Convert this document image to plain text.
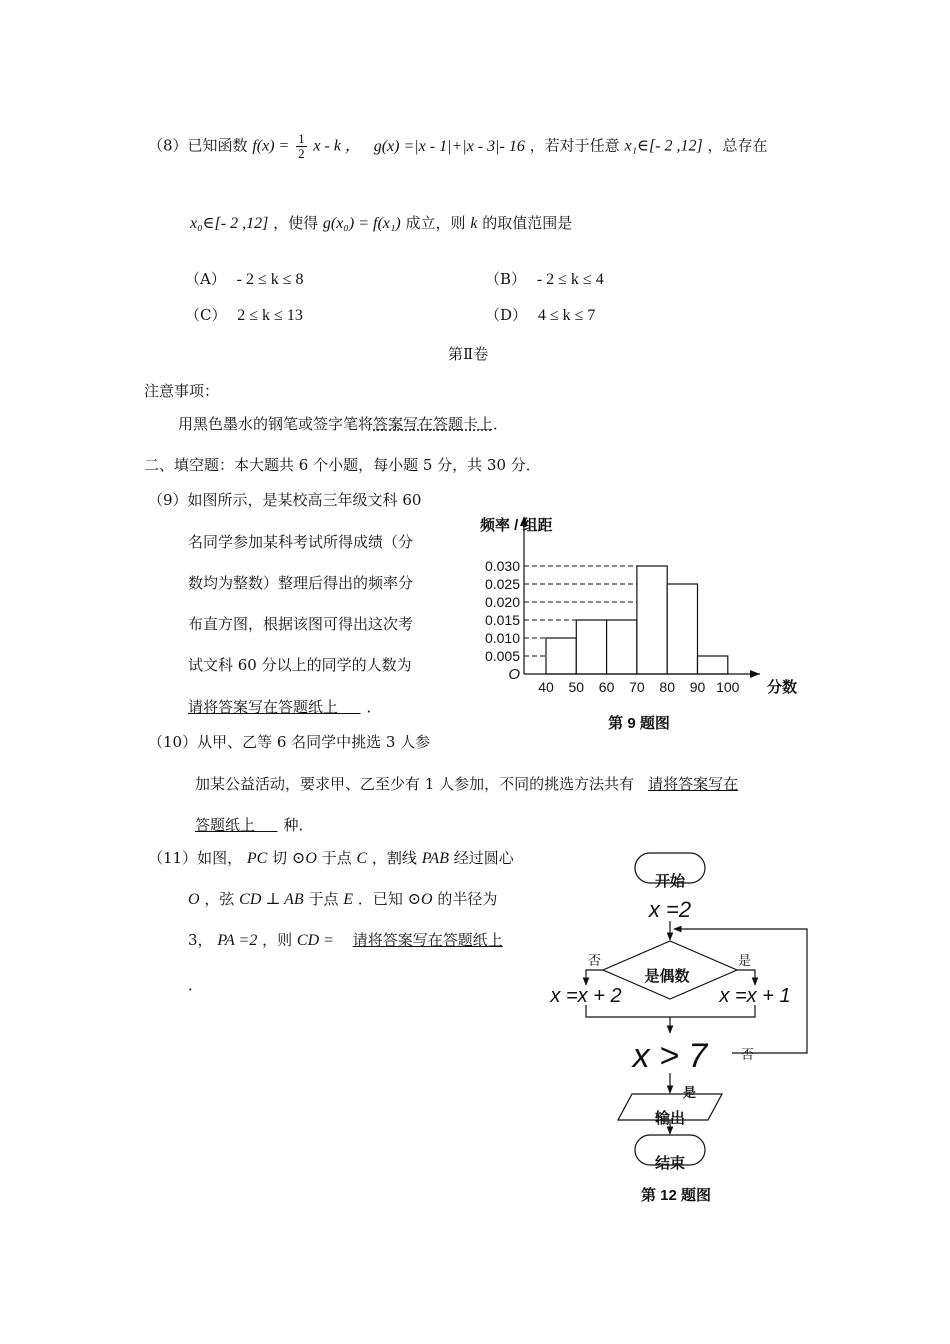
（8）已知函数 $f(x) = \frac{1}{2}$ x - k ， g(x) =|x - 1|+|x - 3|- 16 ，若对于任意 x₁∈[- 2 ,12] ，总存在
x₀∈[- 2 ,12] ，使得 g(x₀) = f(x₁) 成立，则 k 的取值范围是
（A） - 2 ≤ k ≤ 8	（B） - 2 ≤ k ≤ 4
（C） 2 ≤ k ≤ 13	（D） 4 ≤ k ≤ 7
第Ⅱ卷
注意事项：
用黑色墨水的钢笔或签字笔将答案写在答题卡上．
二、填空题：本大题共 6 个小题，每小题 5 分，共 30 分．
（9）如图所示，是某校高三年级文科 60
名同学参加某科考试所得成绩（分
数均为整数）整理后得出的频率分
布直方图，根据该图可得出这次考
试文科 60 分以上的同学的人数为
请将答案写在答题纸上   ．
频率 / 组距
0.005
0.010
0.015
0.020
0.025
0.030
40 50 60 70 80 90 100
O
分数
第 9 题图
（10）从甲、乙等 6 名同学中挑选 3 人参
加某公益活动，要求甲、乙至少有 1 人参加，不同的挑选方法共有 请将答案写在
答题纸上   种．
（11）如图， PC 切 ⊙O 于点 C ，割线 PAB 经过圆心
O ，弦 CD ⊥ AB 于点 E ．已知 ⊙O 的半径为
3， PA =2 ，则 CD = 请将答案写在答题纸上
．
开始
x =2
是偶数
否	是
x =x + 2	x =x + 1
x > 7	否
是
输出
结束
第 12 题图
